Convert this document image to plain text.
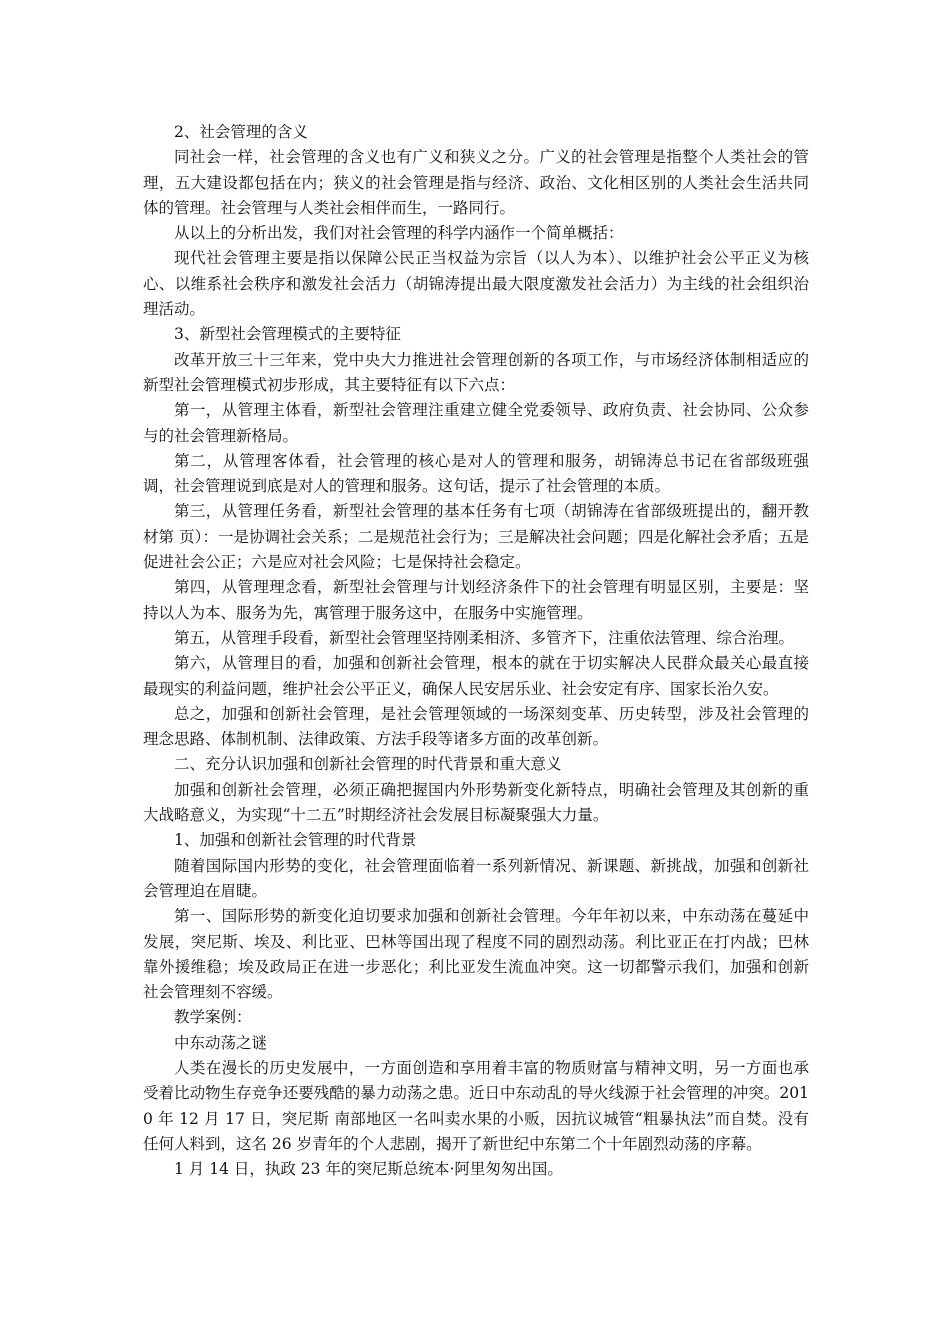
2、社会管理的含义

同社会一样，社会管理的含义也有广义和狭义之分。广义的社会管理是指整个人类社会的管理，五大建设都包括在内；狭义的社会管理是指与经济、政治、文化相区别的人类社会生活共同体的管理。社会管理与人类社会相伴而生，一路同行。

从以上的分析出发，我们对社会管理的科学内涵作一个简单概括：

现代社会管理主要是指以保障公民正当权益为宗旨（以人为本）、以维护社会公平正义为核心、以维系社会秩序和激发社会活力（胡锦涛提出最大限度激发社会活力）为主线的社会组织治理活动。

3、新型社会管理模式的主要特征

改革开放三十三年来，党中央大力推进社会管理创新的各项工作，与市场经济体制相适应的新型社会管理模式初步形成，其主要特征有以下六点：

第一，从管理主体看，新型社会管理注重建立健全党委领导、政府负责、社会协同、公众参与的社会管理新格局。

第二，从管理客体看，社会管理的核心是对人的管理和服务，胡锦涛总书记在省部级班强调，社会管理说到底是对人的管理和服务。这句话，提示了社会管理的本质。

第三，从管理任务看，新型社会管理的基本任务有七项（胡锦涛在省部级班提出的，翻开教材第 页）：一是协调社会关系；二是规范社会行为；三是解决社会问题；四是化解社会矛盾；五是促进社会公正；六是应对社会风险；七是保持社会稳定。

第四，从管理理念看，新型社会管理与计划经济条件下的社会管理有明显区别，主要是：坚持以人为本、服务为先，寓管理于服务这中，在服务中实施管理。

第五，从管理手段看，新型社会管理坚持刚柔相济、多管齐下，注重依法管理、综合治理。

第六，从管理目的看，加强和创新社会管理，根本的就在于切实解决人民群众最关心最直接最现实的利益问题，维护社会公平正义，确保人民安居乐业、社会安定有序、国家长治久安。

总之，加强和创新社会管理，是社会管理领域的一场深刻变革、历史转型，涉及社会管理的理念思路、体制机制、法律政策、方法手段等诸多方面的改革创新。

二、充分认识加强和创新社会管理的时代背景和重大意义

加强和创新社会管理，必须正确把握国内外形势新变化新特点，明确社会管理及其创新的重大战略意义，为实现“十二五”时期经济社会发展目标凝聚强大力量。

1、加强和创新社会管理的时代背景

随着国际国内形势的变化，社会管理面临着一系列新情况、新课题、新挑战，加强和创新社会管理迫在眉睫。

第一、国际形势的新变化迫切要求加强和创新社会管理。今年年初以来，中东动荡在蔓延中发展，突尼斯、埃及、利比亚、巴林等国出现了程度不同的剧烈动荡。利比亚正在打内战；巴林靠外援维稳；埃及政局正在进一步恶化；利比亚发生流血冲突。这一切都警示我们，加强和创新社会管理刻不容缓。

教学案例：

中东动荡之谜

人类在漫长的历史发展中，一方面创造和享用着丰富的物质财富与精神文明，另一方面也承受着比动物生存竞争还要残酷的暴力动荡之患。近日中东动乱的导火线源于社会管理的冲突。2010 年 12 月 17 日，突尼斯 南部地区一名叫卖水果的小贩，因抗议城管“粗暴执法”而自焚。没有任何人料到，这名 26 岁青年的个人悲剧，揭开了新世纪中东第二个十年剧烈动荡的序幕。

1 月 14 日，执政 23 年的突尼斯总统本·阿里匆匆出国。
